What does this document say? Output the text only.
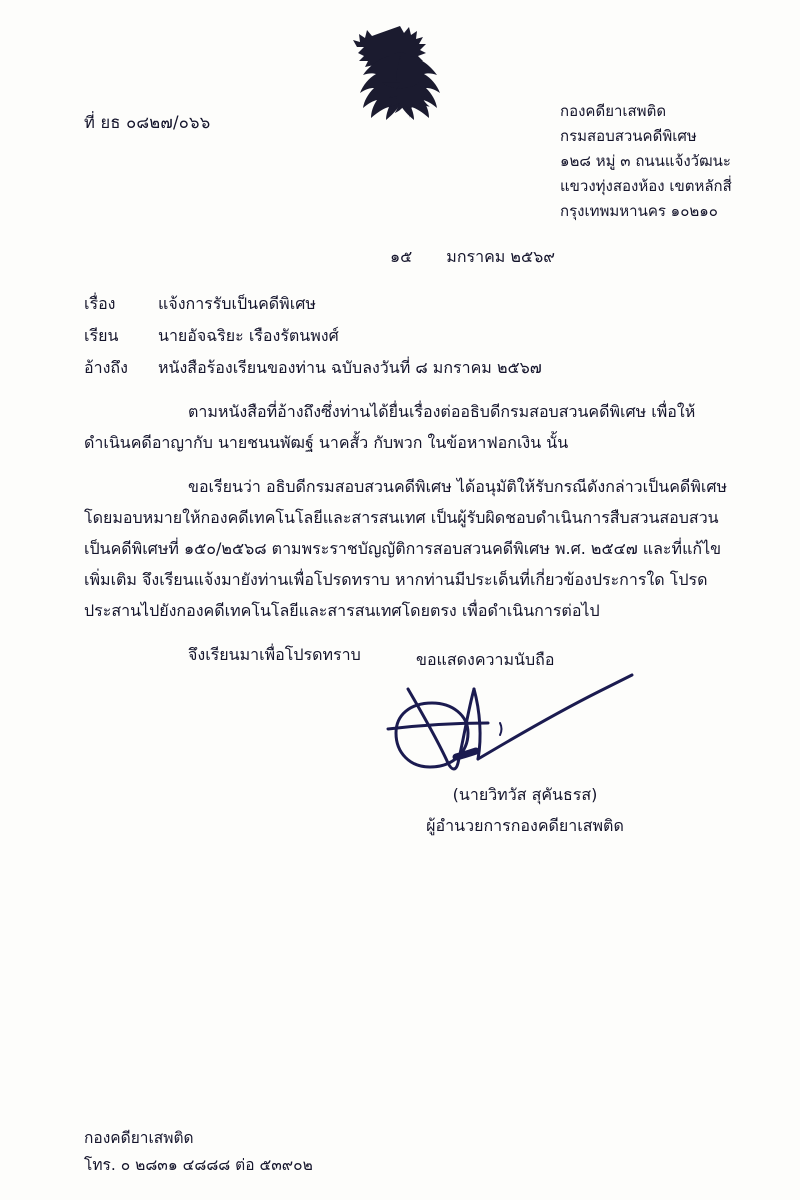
ที่ ยธ ๐๘๒๗/๐๖๖
กองคดียาเสพติด
กรมสอบสวนคดีพิเศษ
๑๒๘ หมู่ ๓ ถนนแจ้งวัฒนะ
แขวงทุ่งสองห้อง เขตหลักสี่
กรุงเทพมหานคร ๑๐๒๑๐
๑๕ มกราคม ๒๕๖๙
เรื่อง	แจ้งการรับเป็นคดีพิเศษ
เรียน	นายอัจฉริยะ เรืองรัตนพงศ์
อ้างถึง	หนังสือร้องเรียนของท่าน ฉบับลงวันที่ ๘ มกราคม ๒๕๖๗

ตามหนังสือที่อ้างถึงซึ่งท่านได้ยื่นเรื่องต่ออธิบดีกรมสอบสวนคดีพิเศษ เพื่อให้ดำเนินคดีอาญากับ นายชนนพัฒฐ์ นาคสั้ว กับพวก ในข้อหาฟอกเงิน นั้น

ขอเรียนว่า อธิบดีกรมสอบสวนคดีพิเศษ ได้อนุมัติให้รับกรณีดังกล่าวเป็นคดีพิเศษ โดยมอบหมายให้กองคดีเทคโนโลยีและสารสนเทศ เป็นผู้รับผิดชอบดำเนินการสืบสวนสอบสวน เป็นคดีพิเศษที่ ๑๕๐/๒๕๖๘ ตามพระราชบัญญัติการสอบสวนคดีพิเศษ พ.ศ. ๒๕๔๗ และที่แก้ไขเพิ่มเติม จึงเรียนแจ้งมายังท่านเพื่อโปรดทราบ หากท่านมีประเด็นที่เกี่ยวข้องประการใด โปรดประสานไปยังกองคดีเทคโนโลยีและสารสนเทศโดยตรง เพื่อดำเนินการต่อไป

จึงเรียนมาเพื่อโปรดทราบ	ขอแสดงความนับถือ
(นายวิทวัส สุคันธรส)
ผู้อำนวยการกองคดียาเสพติด
กองคดียาเสพติด
โทร. ๐ ๒๘๓๑ ๔๘๘๘ ต่อ ๕๓๙๐๒
